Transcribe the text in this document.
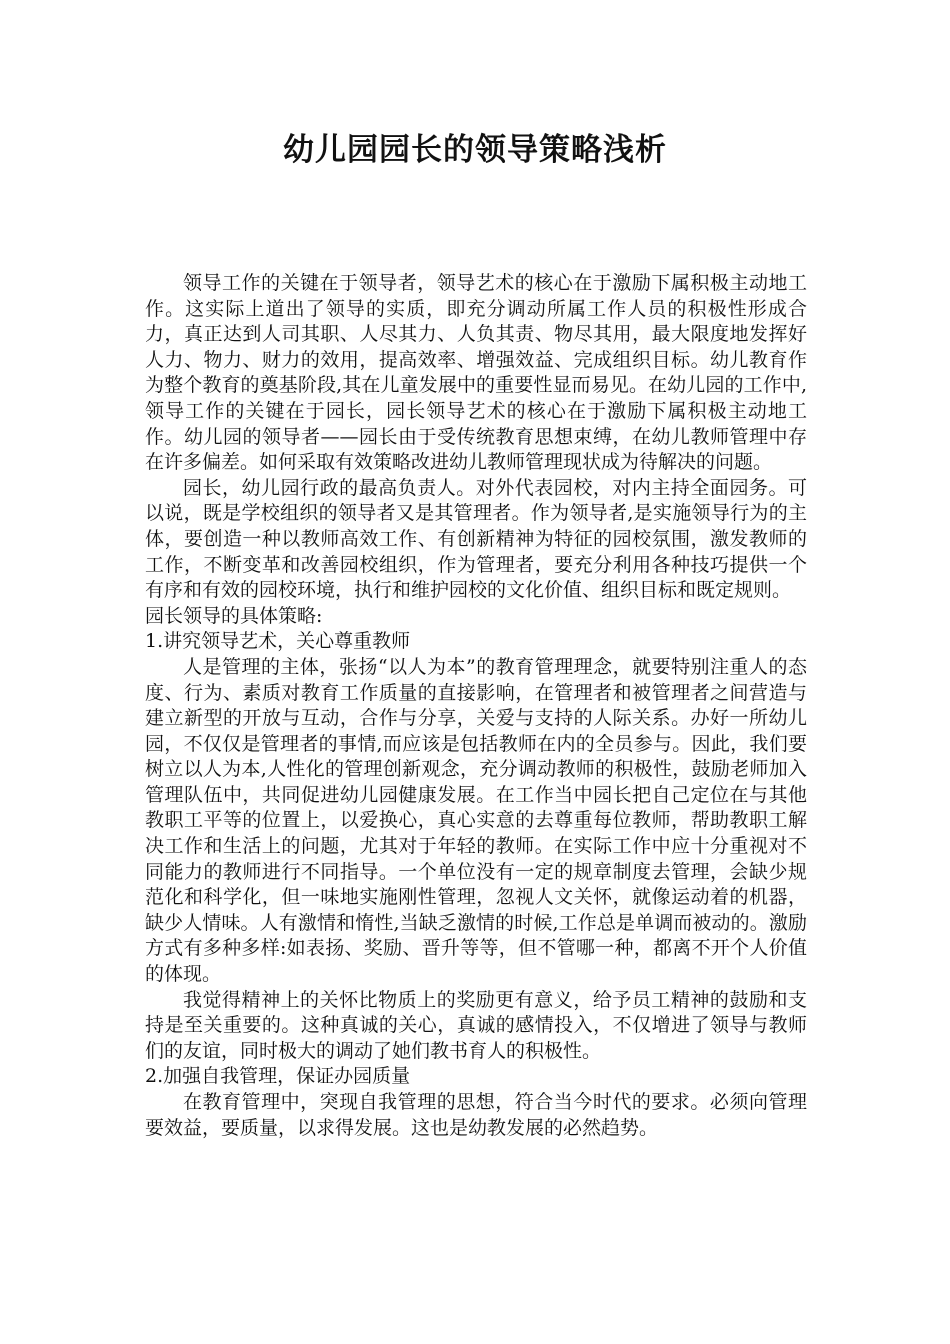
幼儿园园长的领导策略浅析

领导工作的关键在于领导者，领导艺术的核心在于激励下属积极主动地工作。这实际上道出了领导的实质，即充分调动所属工作人员的积极性形成合力，真正达到人司其职、人尽其力、人负其责、物尽其用，最大限度地发挥好人力、物力、财力的效用，提高效率、增强效益、完成组织目标。幼儿教育作为整个教育的奠基阶段,其在儿童发展中的重要性显而易见。在幼儿园的工作中,领导工作的关键在于园长，园长领导艺术的核心在于激励下属积极主动地工作。幼儿园的领导者——园长由于受传统教育思想束缚，在幼儿教师管理中存在许多偏差。如何采取有效策略改进幼儿教师管理现状成为待解决的问题。

园长，幼儿园行政的最高负责人。对外代表园校，对内主持全面园务。可以说，既是学校组织的领导者又是其管理者。作为领导者,是实施领导行为的主体，要创造一种以教师高效工作、有创新精神为特征的园校氛围，激发教师的工作，不断变革和改善园校组织，作为管理者，要充分利用各种技巧提供一个有序和有效的园校环境，执行和维护园校的文化价值、组织目标和既定规则。

园长领导的具体策略:

1.讲究领导艺术，关心尊重教师

人是管理的主体，张扬“以人为本”的教育管理理念，就要特别注重人的态度、行为、素质对教育工作质量的直接影响，在管理者和被管理者之间营造与建立新型的开放与互动，合作与分享，关爱与支持的人际关系。办好一所幼儿园，不仅仅是管理者的事情,而应该是包括教师在内的全员参与。因此，我们要树立以人为本,人性化的管理创新观念，充分调动教师的积极性，鼓励老师加入管理队伍中，共同促进幼儿园健康发展。在工作当中园长把自己定位在与其他教职工平等的位置上，以爱换心，真心实意的去尊重每位教师，帮助教职工解决工作和生活上的问题，尤其对于年轻的教师。在实际工作中应十分重视对不同能力的教师进行不同指导。一个单位没有一定的规章制度去管理，会缺少规范化和科学化，但一味地实施刚性管理，忽视人文关怀，就像运动着的机器，缺少人情味。人有激情和惰性,当缺乏激情的时候,工作总是单调而被动的。激励方式有多种多样:如表扬、奖励、晋升等等，但不管哪一种，都离不开个人价值的体现。

我觉得精神上的关怀比物质上的奖励更有意义，给予员工精神的鼓励和支持是至关重要的。这种真诚的关心，真诚的感情投入，不仅增进了领导与教师们的友谊，同时极大的调动了她们教书育人的积极性。

2.加强自我管理，保证办园质量

在教育管理中，突现自我管理的思想，符合当今时代的要求。必须向管理要效益，要质量，以求得发展。这也是幼教发展的必然趋势。
